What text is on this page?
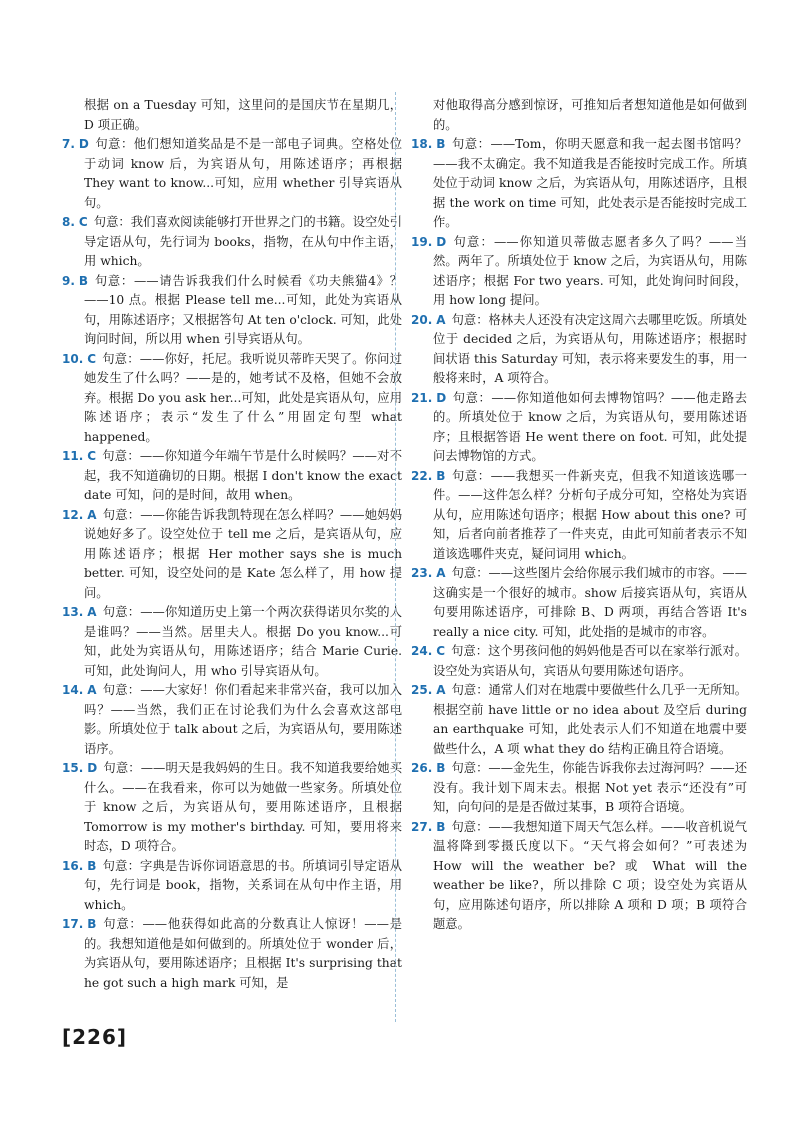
根据 on a Tuesday 可知，这里问的是国庆节在星期几，D 项正确。
7. D 句意：他们想知道奖品是不是一部电子词典。空格处位于动词 know 后，为宾语从句，用陈述语序；再根据 They want to know...可知，应用 whether 引导宾语从句。
8. C 句意：我们喜欢阅读能够打开世界之门的书籍。设空处引导定语从句，先行词为 books，指物，在从句中作主语，用 which。
9. B 句意：——请告诉我我们什么时候看《功夫熊猫4》？——10 点。根据 Please tell me...可知，此处为宾语从句，用陈述语序；又根据答句 At ten o'clock. 可知，此处询问时间，所以用 when 引导宾语从句。
10. C 句意：——你好，托尼。我听说贝蒂昨天哭了。你问过她发生了什么吗？——是的，她考试不及格，但她不会放弃。根据 Do you ask her...可知，此处是宾语从句，应用陈述语序；表示“发生了什么”用固定句型 what happened。
11. C 句意：——你知道今年端午节是什么时候吗？——对不起，我不知道确切的日期。根据 I don't know the exact date 可知，问的是时间，故用 when。
12. A 句意：——你能告诉我凯特现在怎么样吗？——她妈妈说她好多了。设空处位于 tell me 之后，是宾语从句，应用陈述语序；根据 Her mother says she is much better. 可知，设空处问的是 Kate 怎么样了，用 how 提问。
13. A 句意：——你知道历史上第一个两次获得诺贝尔奖的人是谁吗？——当然。居里夫人。根据 Do you know...可知，此处为宾语从句，用陈述语序；结合 Marie Curie. 可知，此处询问人，用 who 引导宾语从句。
14. A 句意：——大家好！你们看起来非常兴奋，我可以加入吗？——当然，我们正在讨论我们为什么会喜欢这部电影。所填处位于 talk about 之后，为宾语从句，要用陈述语序。
15. D 句意：——明天是我妈妈的生日。我不知道我要给她买什么。——在我看来，你可以为她做一些家务。所填处位于 know 之后，为宾语从句，要用陈述语序，且根据 Tomorrow is my mother's birthday. 可知，要用将来时态，D 项符合。
16. B 句意：字典是告诉你词语意思的书。所填词引导定语从句，先行词是 book，指物，关系词在从句中作主语，用 which。
17. B 句意：——他获得如此高的分数真让人惊讶！——是的。我想知道他是如何做到的。所填处位于 wonder 后，为宾语从句，要用陈述语序；且根据 It's surprising that he got such a high mark 可知，是
对他取得高分感到惊讶，可推知后者想知道他是如何做到的。
18. B 句意：——Tom，你明天愿意和我一起去图书馆吗？——我不太确定。我不知道我是否能按时完成工作。所填处位于动词 know 之后，为宾语从句，用陈述语序，且根据 the work on time 可知，此处表示是否能按时完成工作。
19. D 句意：——你知道贝蒂做志愿者多久了吗？——当然。两年了。所填处位于 know 之后，为宾语从句，用陈述语序；根据 For two years. 可知，此处询问时间段，用 how long 提问。
20. A 句意：格林夫人还没有决定这周六去哪里吃饭。所填处位于 decided 之后，为宾语从句，用陈述语序；根据时间状语 this Saturday 可知，表示将来要发生的事，用一般将来时，A 项符合。
21. D 句意：——你知道他如何去博物馆吗？——他走路去的。所填处位于 know 之后，为宾语从句，要用陈述语序；且根据答语 He went there on foot. 可知，此处提问去博物馆的方式。
22. B 句意：——我想买一件新夹克，但我不知道该选哪一件。——这件怎么样？分析句子成分可知，空格处为宾语从句，应用陈述句语序；根据 How about this one? 可知，后者向前者推荐了一件夹克，由此可知前者表示不知道该选哪件夹克，疑问词用 which。
23. A 句意：——这些图片会给你展示我们城市的市容。——这确实是一个很好的城市。show 后接宾语从句，宾语从句要用陈述语序，可排除 B、D 两项，再结合答语 It's really a nice city. 可知，此处指的是城市的市容。
24. C 句意：这个男孩问他的妈妈他是否可以在家举行派对。设空处为宾语从句，宾语从句要用陈述句语序。
25. A 句意：通常人们对在地震中要做些什么几乎一无所知。根据空前 have little or no idea about 及空后 during an earthquake 可知，此处表示人们不知道在地震中要做些什么，A 项 what they do 结构正确且符合语境。
26. B 句意：——金先生，你能告诉我你去过海河吗？——还没有。我计划下周末去。根据 Not yet 表示“还没有”可知，向句问的是是否做过某事，B 项符合语境。
27. B 句意：——我想知道下周天气怎么样。——收音机说气温将降到零摄氏度以下。“天气将会如何？”可表述为 How will the weather be? 或 What will the weather be like?，所以排除 C 项；设空处为宾语从句，应用陈述句语序，所以排除 A 项和 D 项；B 项符合题意。
[226]
